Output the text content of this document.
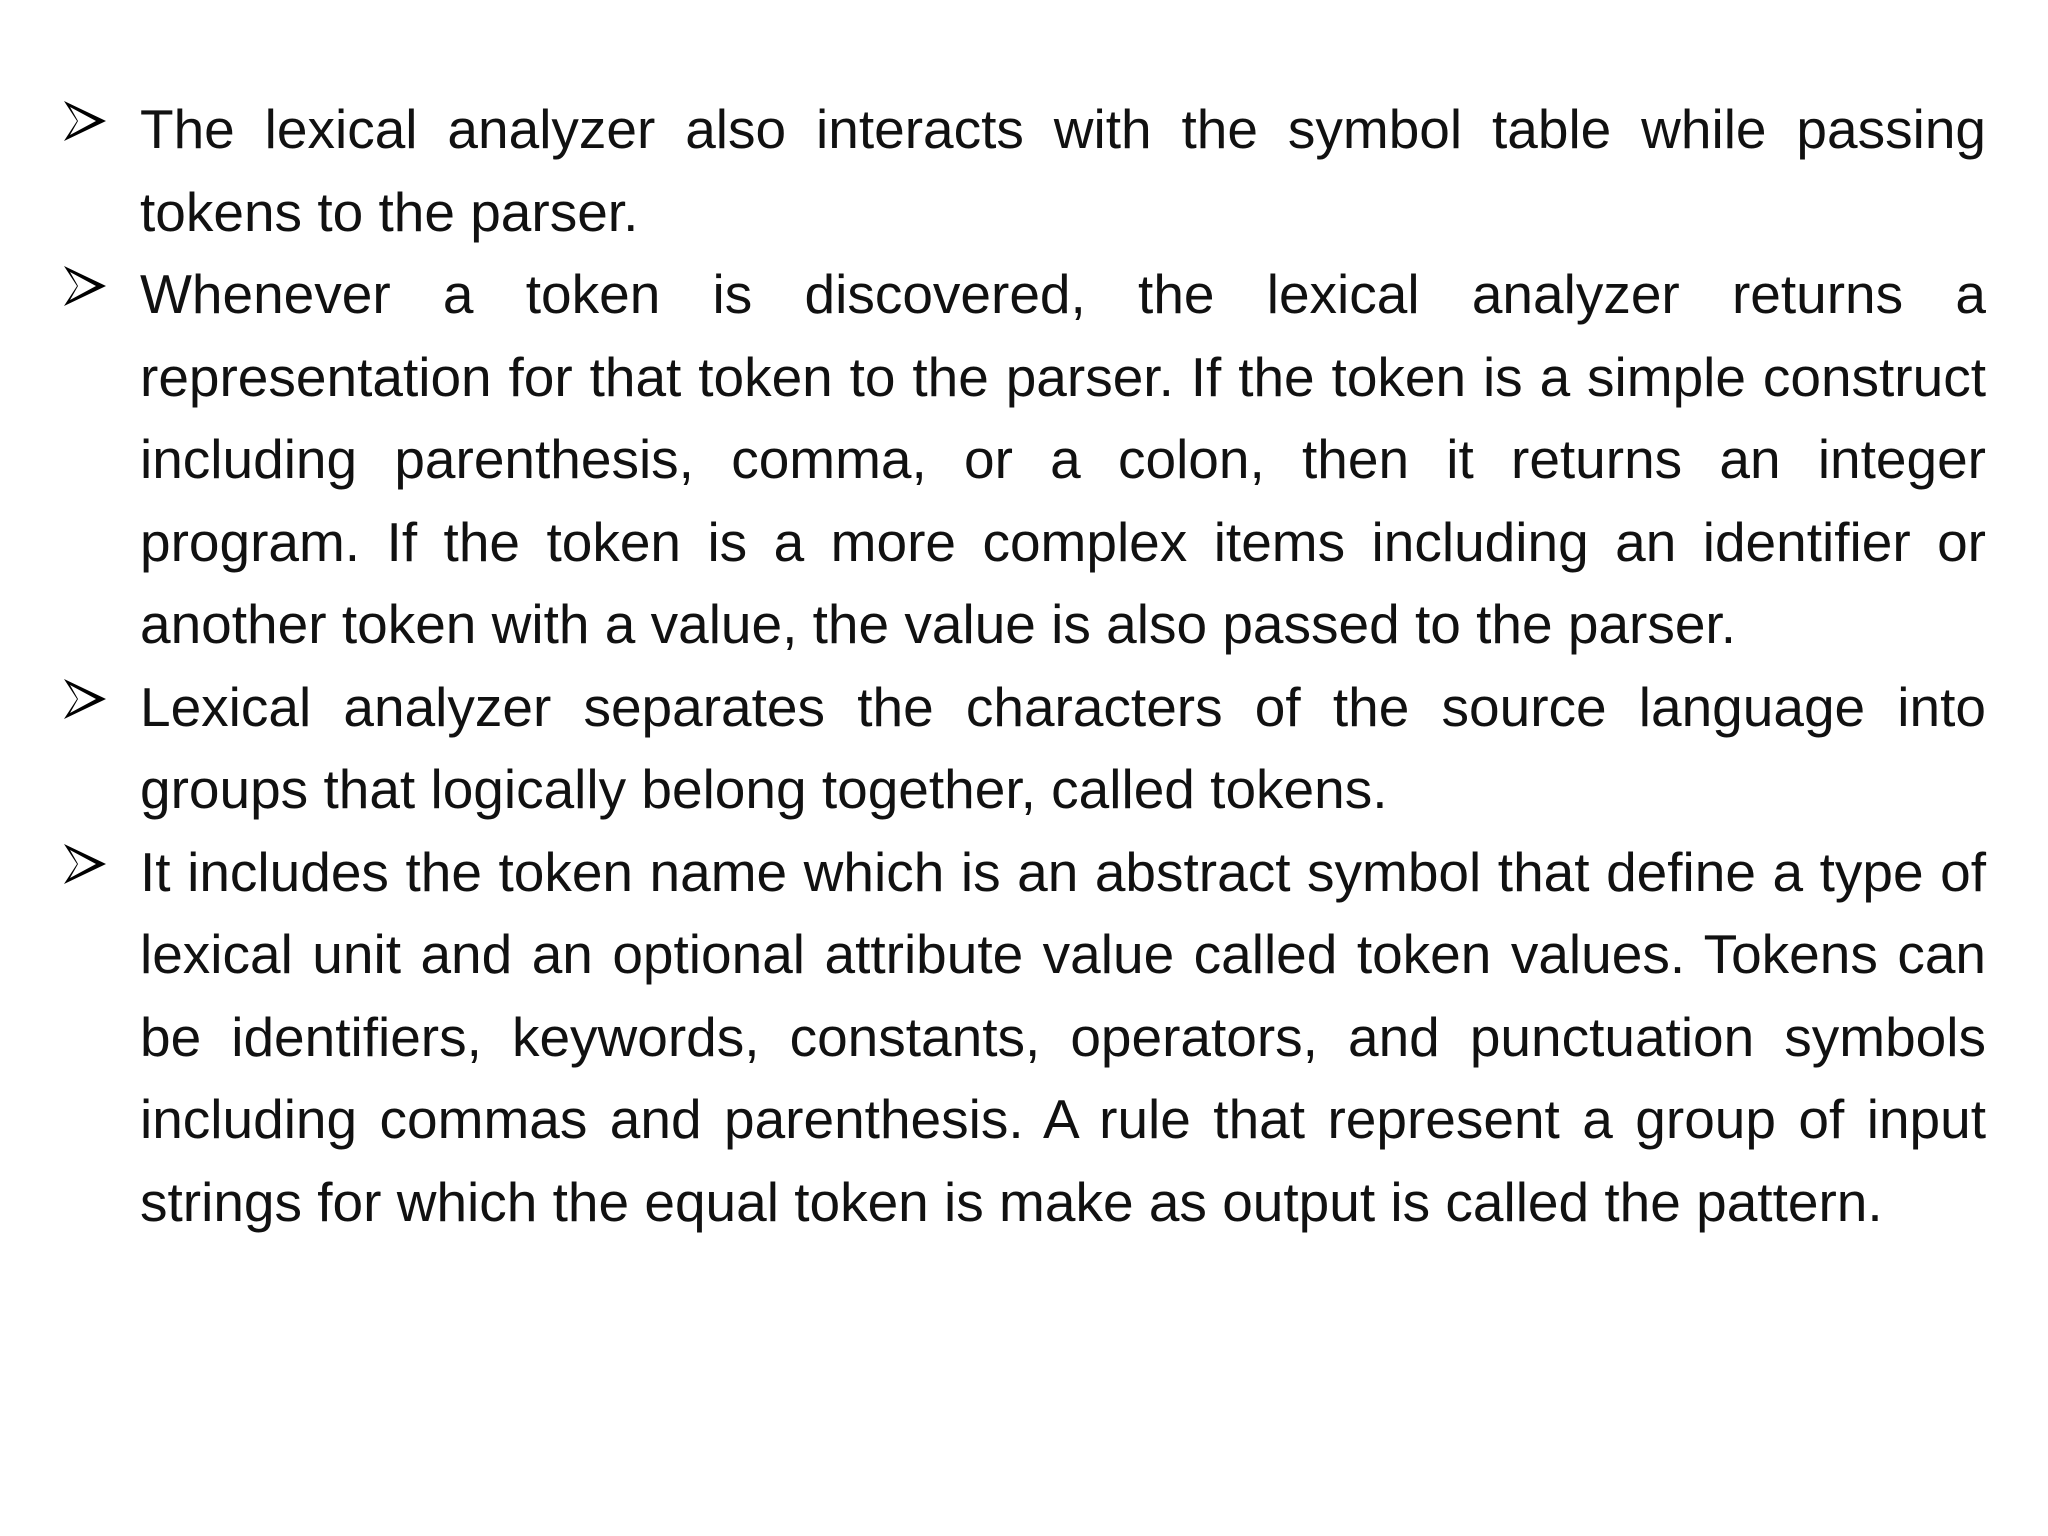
The lexical analyzer also interacts with the symbol table while passing tokens to the parser.
Whenever a token is discovered, the lexical analyzer returns a representation for that token to the parser. If the token is a simple construct including parenthesis, comma, or a colon, then it returns an integer program. If the token is a more complex items including an identifier or another token with a value, the value is also passed to the parser.
Lexical analyzer separates the characters of the source language into groups that logically belong together, called tokens.
It includes the token name which is an abstract symbol that define a type of lexical unit and an optional attribute value called token values. Tokens can be identifiers, keywords, constants, operators, and punctuation symbols including commas and parenthesis. A rule that represent a group of input strings for which the equal token is make as output is called the pattern.
